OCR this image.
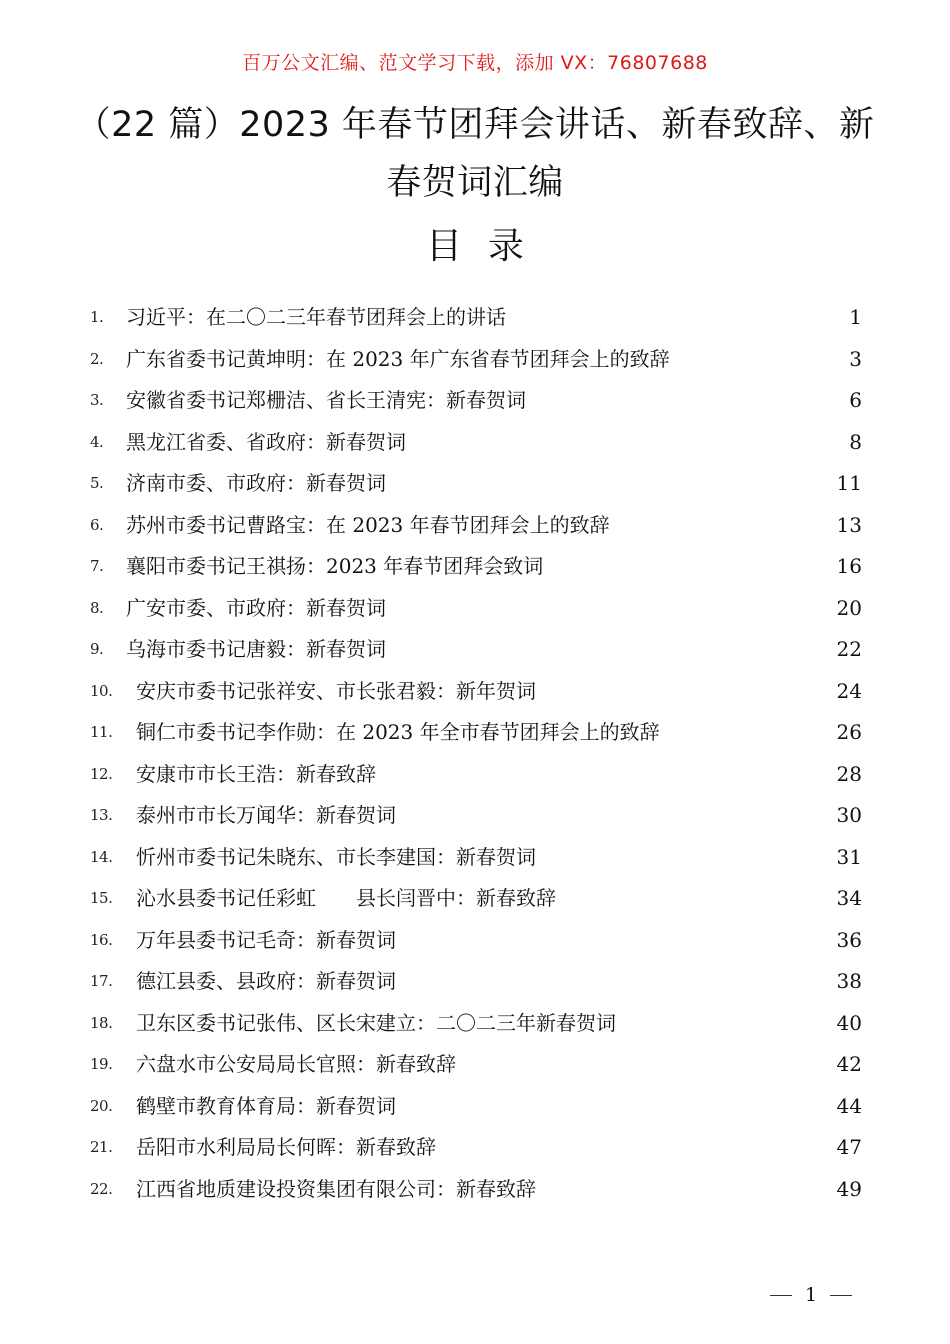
百万公文汇编、范文学习下载，添加 VX：76807688
（22 篇）2023 年春节团拜会讲话、新春致辞、新
春贺词汇编
目录
1. 习近平：在二〇二三年春节团拜会上的讲话	1
2. 广东省委书记黄坤明：在 2023 年广东省春节团拜会上的致辞	3
3. 安徽省委书记郑栅洁、省长王清宪：新春贺词	6
4. 黑龙江省委、省政府：新春贺词	8
5. 济南市委、市政府：新春贺词	11
6. 苏州市委书记曹路宝：在 2023 年春节团拜会上的致辞	13
7. 襄阳市委书记王祺扬：2023 年春节团拜会致词	16
8. 广安市委、市政府：新春贺词	20
9. 乌海市委书记唐毅：新春贺词	22
10. 安庆市委书记张祥安、市长张君毅：新年贺词	24
11. 铜仁市委书记李作勋：在 2023 年全市春节团拜会上的致辞	26
12. 安康市市长王浩：新春致辞	28
13. 泰州市市长万闻华：新春贺词	30
14. 忻州市委书记朱晓东、市长李建国：新春贺词	31
15. 沁水县委书记任彩虹　　县长闫晋中：新春致辞	34
16. 万年县委书记毛奇：新春贺词	36
17. 德江县委、县政府：新春贺词	38
18. 卫东区委书记张伟、区长宋建立：二〇二三年新春贺词	40
19. 六盘水市公安局局长官照：新春致辞	42
20. 鹤壁市教育体育局：新春贺词	44
21. 岳阳市水利局局长何晖：新春致辞	47
22. 江西省地质建设投资集团有限公司：新春致辞	49
1
